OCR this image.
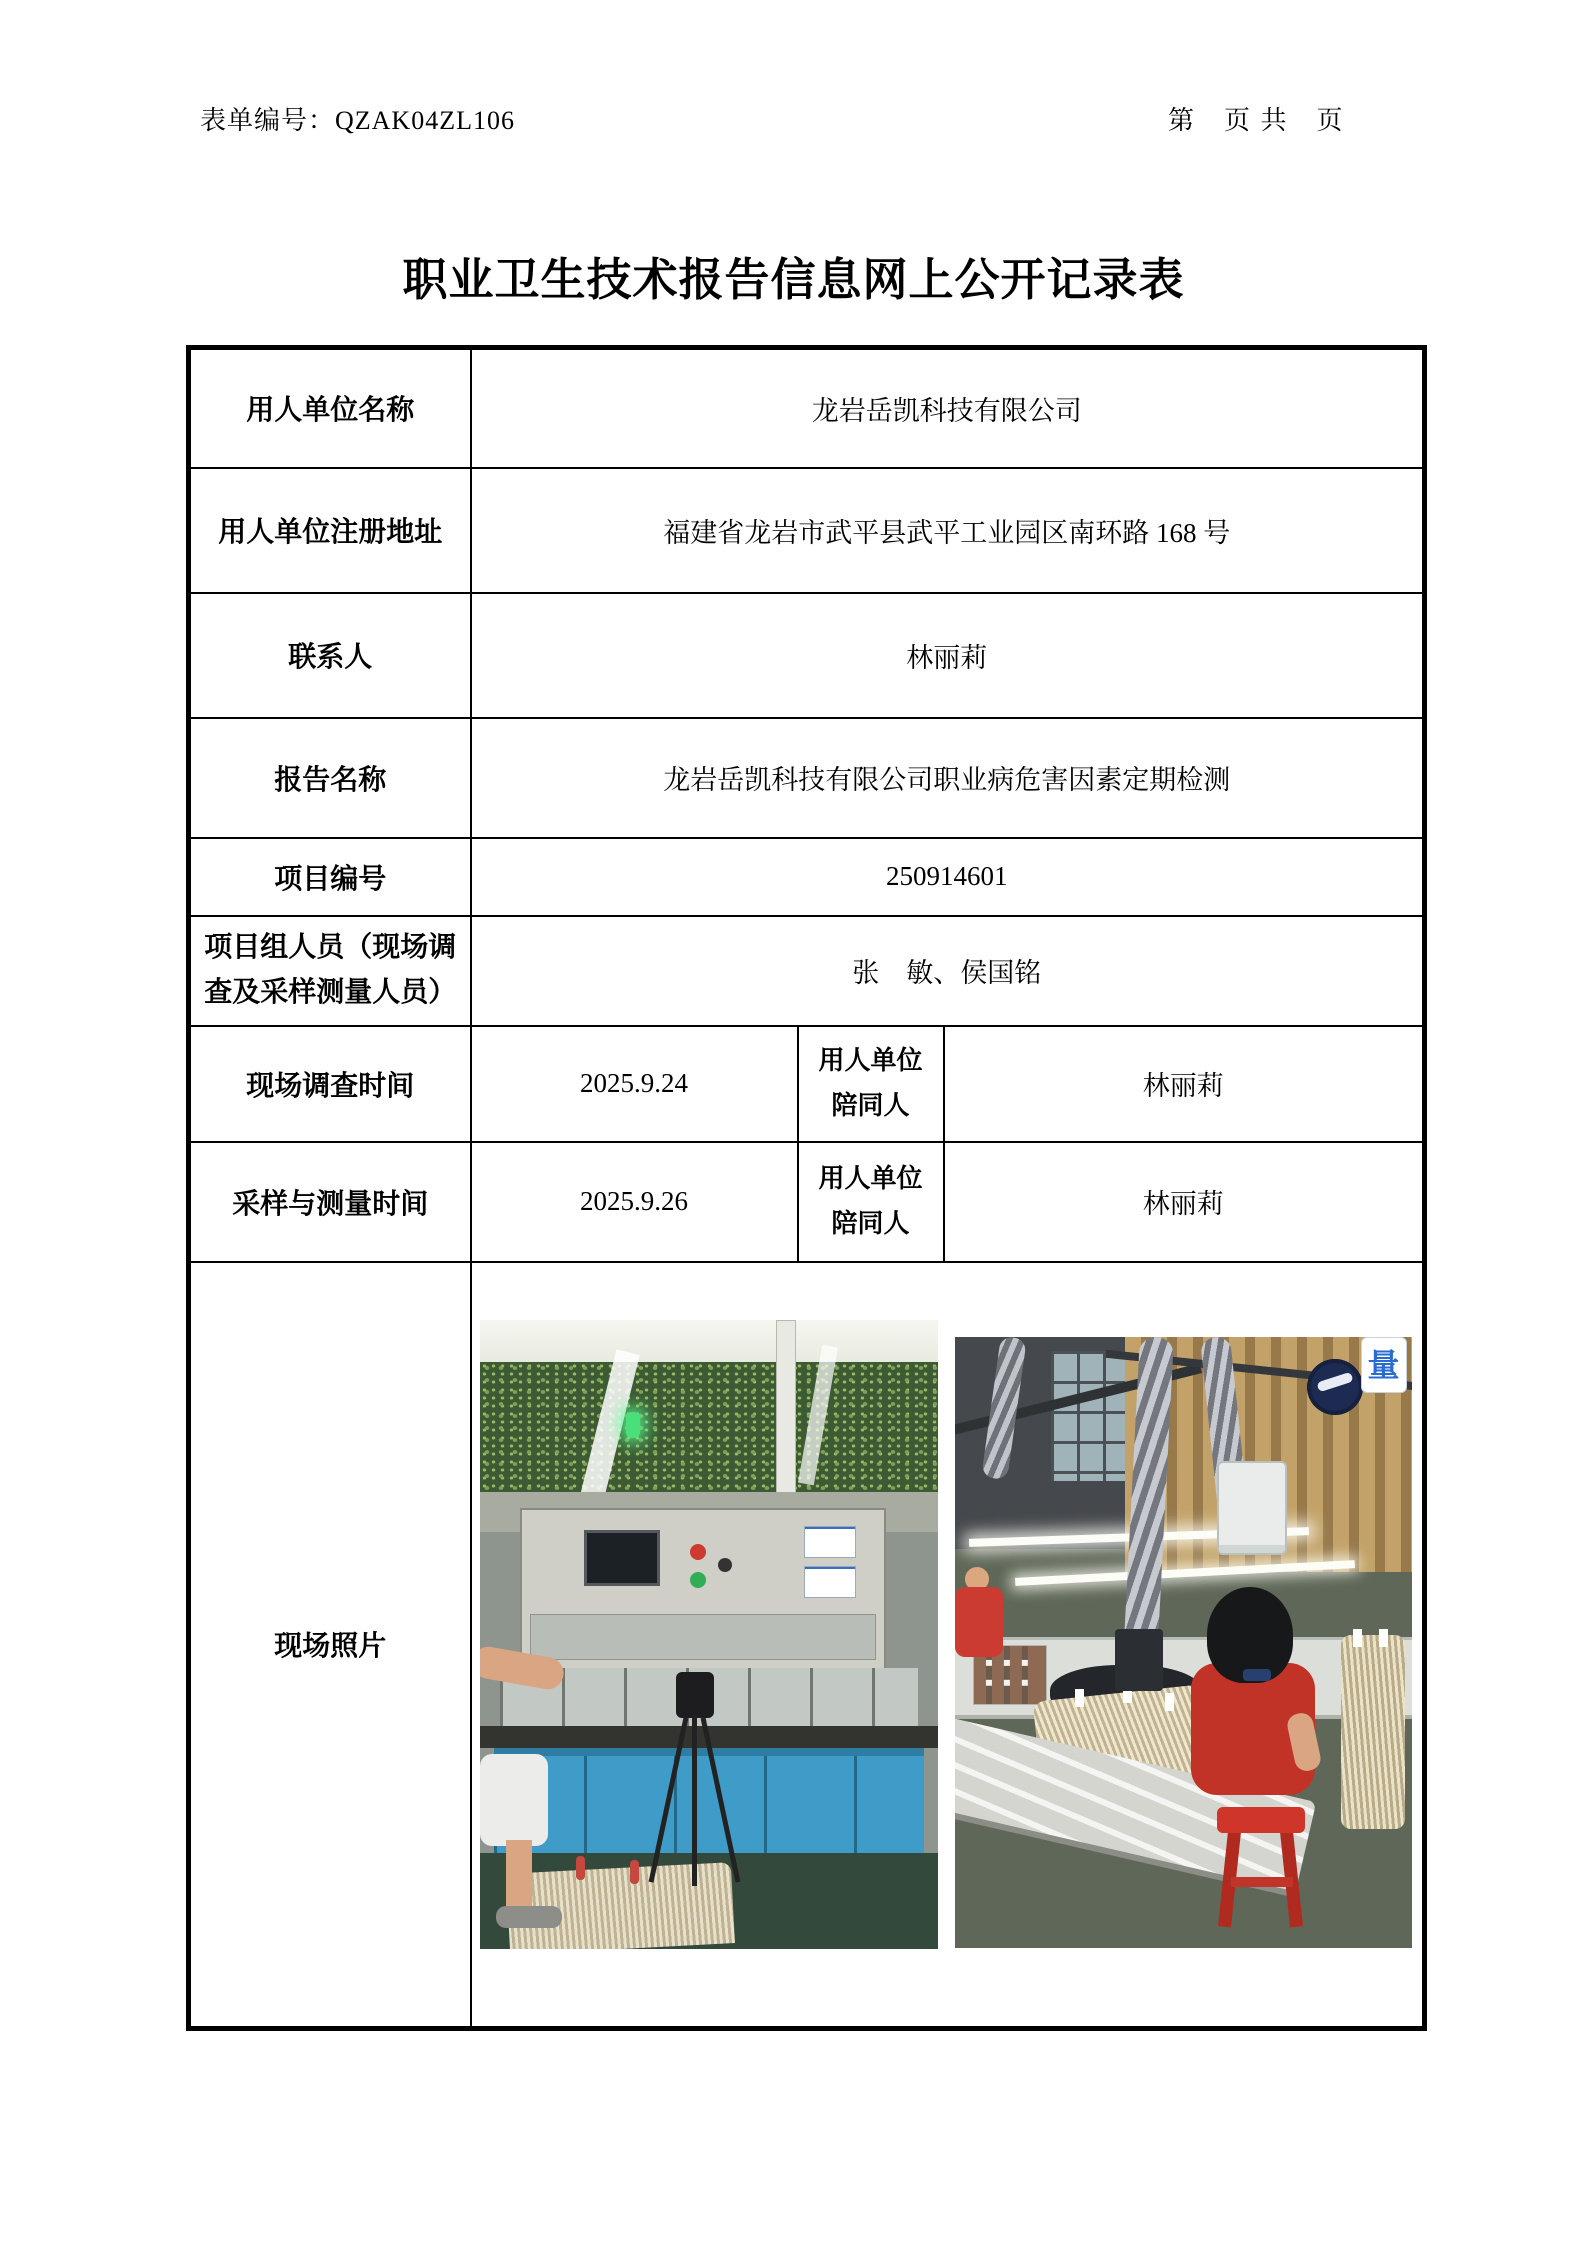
表单编号：QZAK04ZL106	第　页 共　页
职业卫生技术报告信息网上公开记录表
用人单位名称	龙岩岳凯科技有限公司		
用人单位注册地址	福建省龙岩市武平县武平工业园区南环路 168 号		
联系人	林丽莉		
报告名称	龙岩岳凯科技有限公司职业病危害因素定期检测		
项目编号	250914601		
项目组人员（现场调查及采样测量人员）	张　敏、侯国铭		
现场调查时间	2025.9.24	用人单位陪同人	林丽莉
采样与测量时间	2025.9.26	用人单位陪同人	林丽莉
现场照片	量		
